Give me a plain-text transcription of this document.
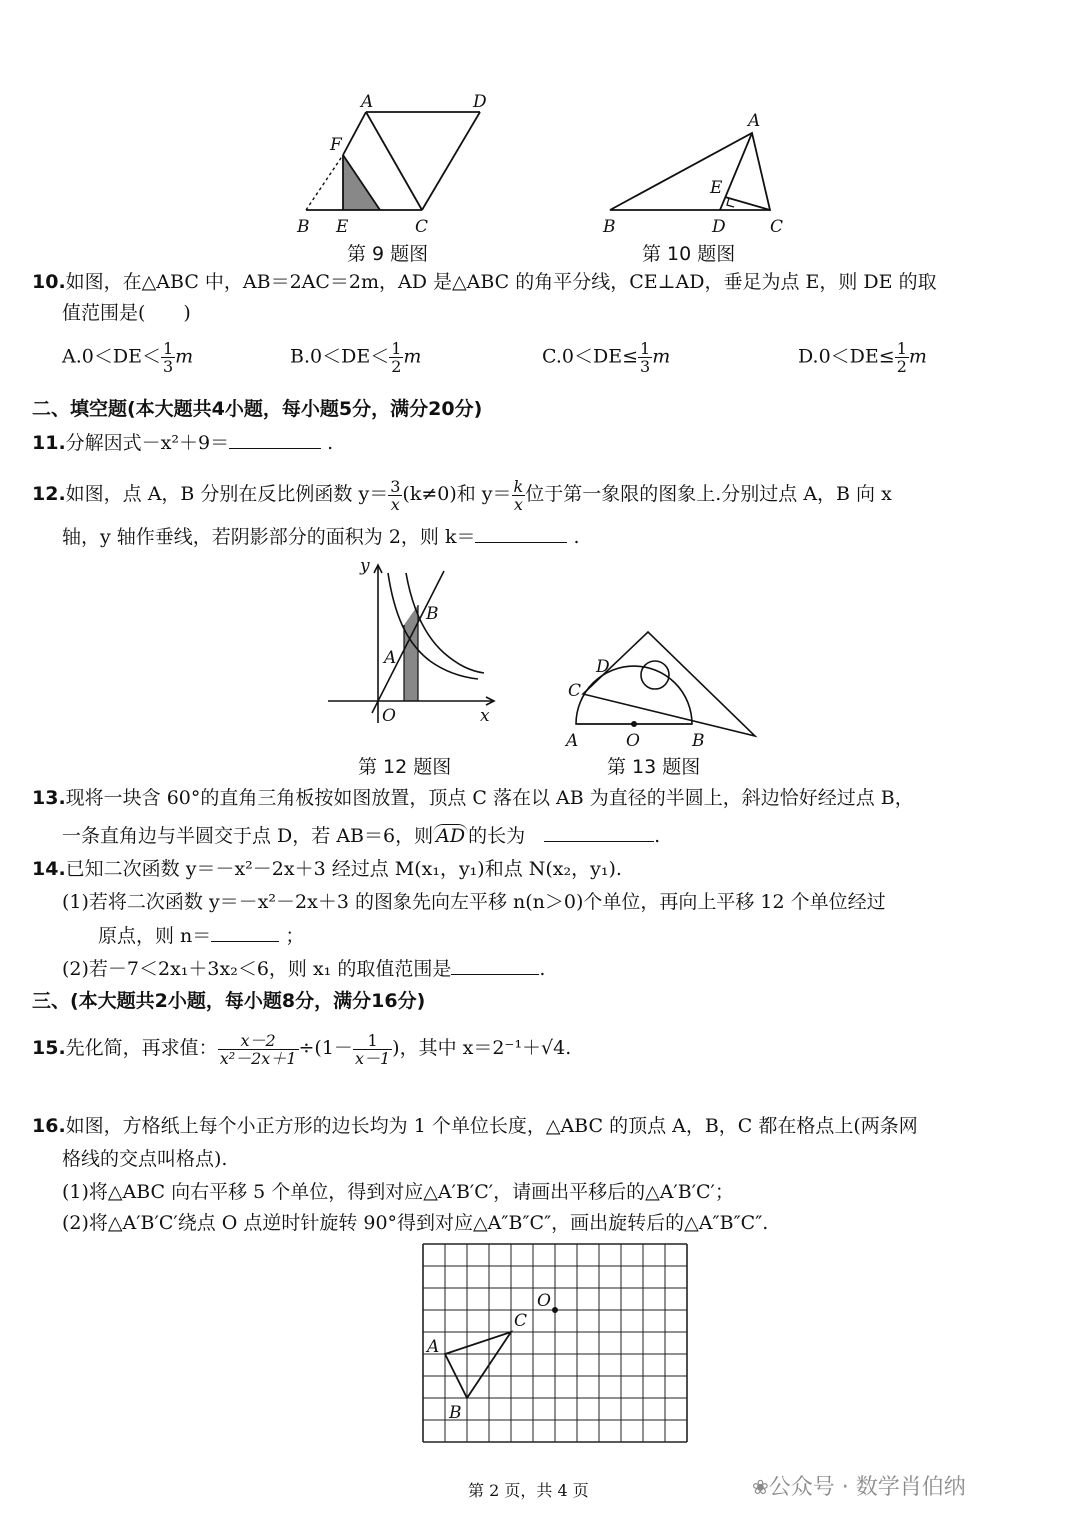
A	D
F
B E	C
第 9 题图
A
E
B	D	C
第 10 题图
10.如图，在△ABC 中，AB＝2AC＝2m，AD 是△ABC 的角平分线，CE⊥AD，垂足为点 E，则 DE 的取
值范围是(　　)
$A.0<DE< \frac{1}{3}$ m	$B.0<DE< \frac{1}{2}$ m	$C.0<DE\le \frac{1}{3}$ m	$D.0<DE\le \frac{1}{2}$ m
二、填空题(本大题共4小题，每小题5分，满分20分)
11.分解因式－x²＋9＝	.
12.如图，点 A，B 分别在反比例函数 $y= \frac{3}{x} (k\ne 0)$和 $y= \frac{k}{x}$ 位于第一象限的图象上.分别过点 A，B 向 x
轴，y 轴作垂线，若阴影部分的面积为 2，则 k＝	.
y
B
A
O	x
第 12 题图
D
C
A	O	B
第 13 题图
13.现将一块含 60°的直角三角板按如图放置，顶点 C 落在以 AB 为直径的半圆上，斜边恰好经过点 B，
一条直角边与半圆交于点 D，若 AB＝6，则 AD 的长为　	.
14.已知二次函数 y＝－x²－2x＋3 经过点 M(x₁，y₁)和点 N(x₂，y₁).
(1)若将二次函数 y＝－x²－2x＋3 的图象先向左平移 n(n＞0)个单位，再向上平移 12 个单位经过
原点，则 n＝	；
(2)若－7＜2x₁＋3x₂＜6，则 x₁ 的取值范围是	.
三、(本大题共2小题，每小题8分，满分16分)
15.先化简，再求值： $\frac{x-2}{\text{x²－2x＋1}} \div(1- \frac{1}{x-1}$ )，其中 x＝2⁻¹＋√4.
16.如图，方格纸上每个小正方形的边长均为 1 个单位长度，△ABC 的顶点 A，B，C 都在格点上(两条网
格线的交点叫格点).
(1)将△ABC 向右平移 5 个单位，得到对应△A′B′C′，请画出平移后的△A′B′C′；
(2)将△A′B′C′绕点 O 点逆时针旋转 90°得到对应△A″B″C″，画出旋转后的△A″B″C″.
O
C
A
B
第 2 页，共 4 页	❀公众号 · 数学肖伯纳
